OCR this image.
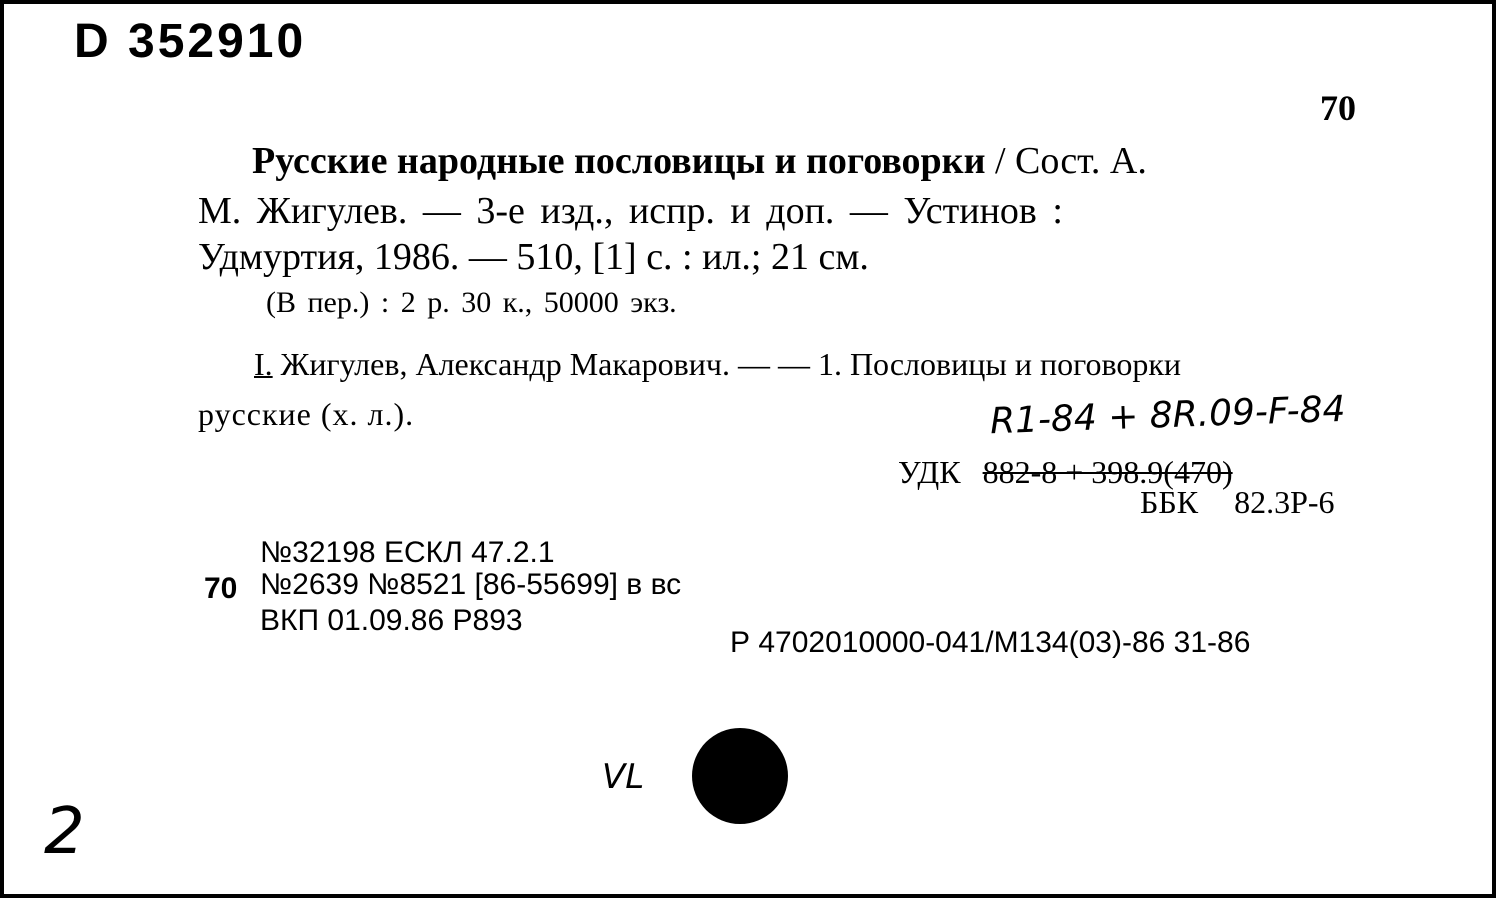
D 352910
70
Русские народные пословицы и поговорки / Сост. А.
М. Жигулев. — 3-е изд., испр. и доп. — Устинов :
Удмуртия, 1986. — 510, [1] с. : ил.; 21 см.
(В пер.) : 2 р. 30 к., 50000 экз.
I. Жигулев, Александр Макарович. — — 1. Пословицы и поговорки
русские (х. л.).	R1-84 + 8R.09-F-84
УДК 882-8 + 398.9(470)
ББК 82.3Р-6
№32198 ЕСКЛ 47.2.1
70 №2639 №8521 [86-55699] в вс
ВКП 01.09.86 Р893
Р 4702010000-041/М134(03)-86 31-86
VL
2
